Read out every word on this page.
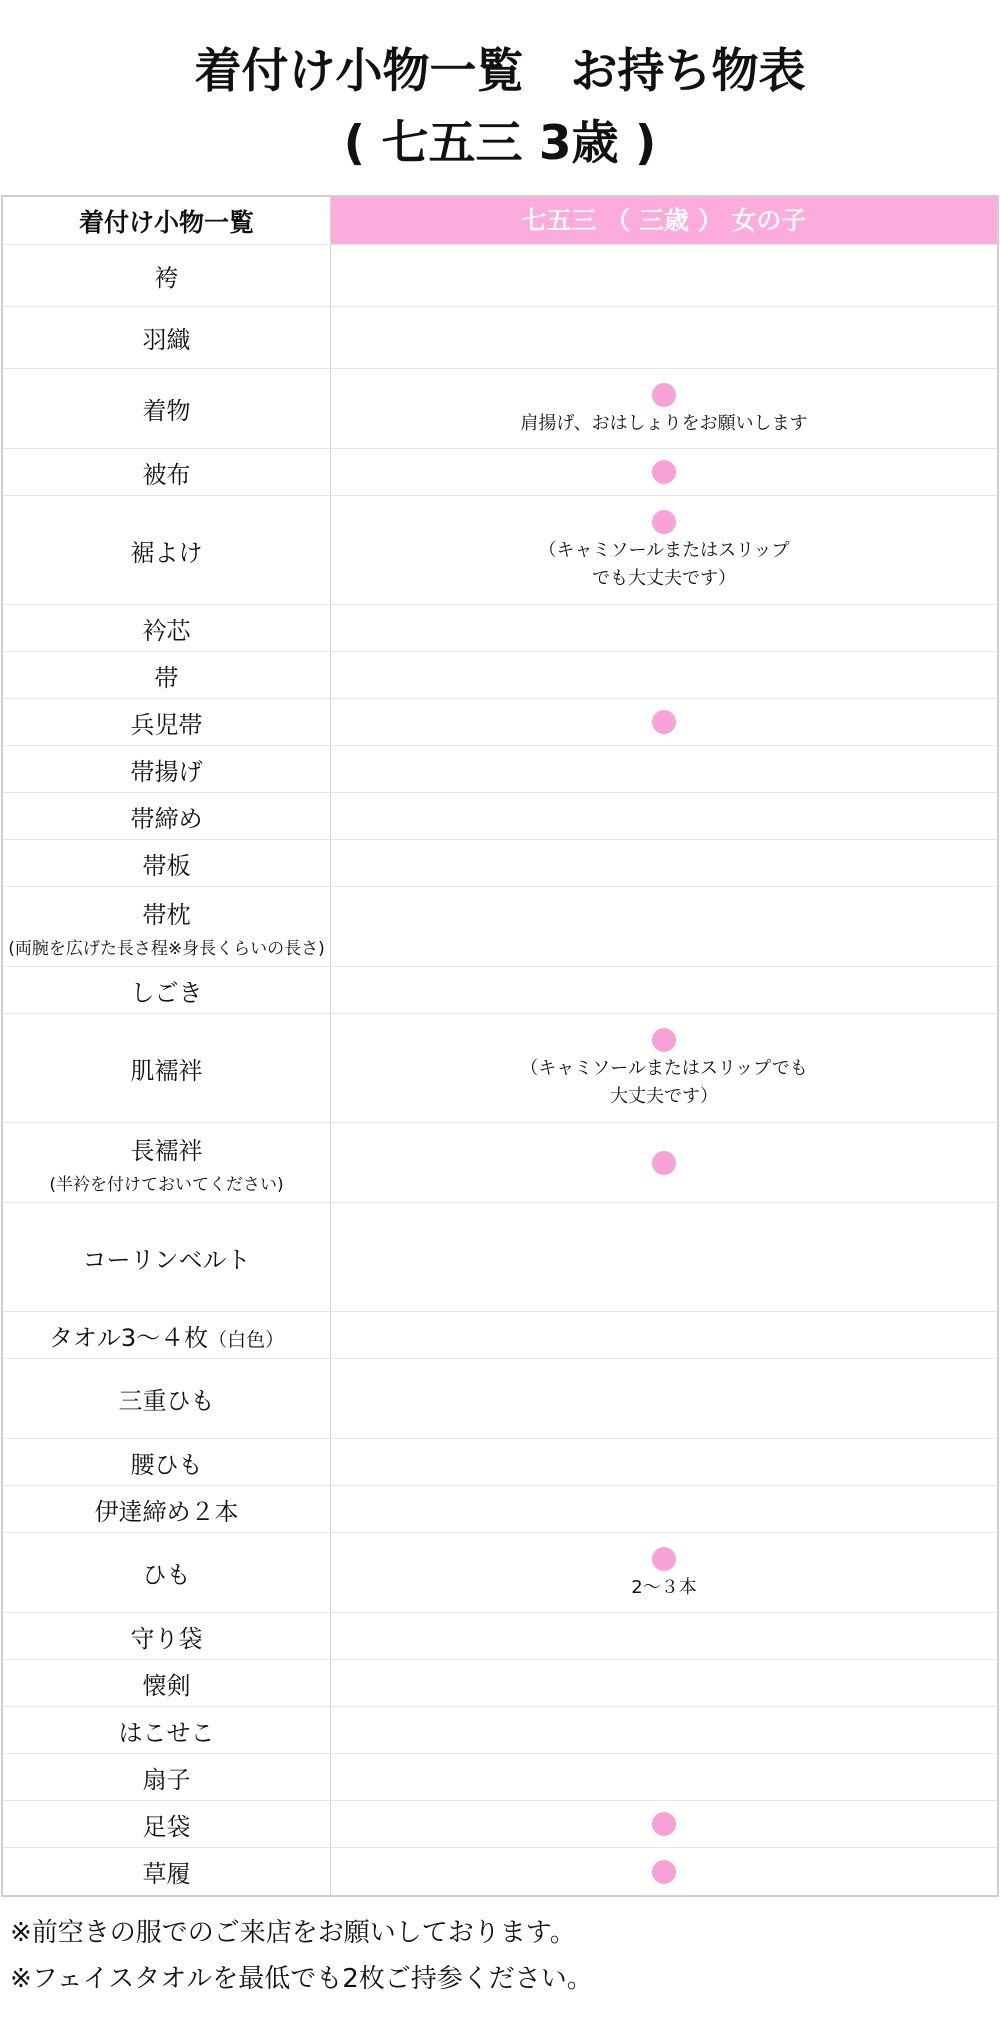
着付け小物一覧　お持ち物表
( 七五三 3歳 )
着付け小物一覧	七五三 （ 三歳 ） 女の子
袴
羽織
着物	肩揚げ、おはしょりをお願いします
被布
裾よけ	（キャミソールまたはスリップ
でも大丈夫です）
衿芯
帯
兵児帯
帯揚げ
帯締め
帯板
帯枕
(両腕を広げた長さ程※身長くらいの長さ)
しごき
肌襦袢	（キャミソールまたはスリップでも
大丈夫です）
長襦袢
(半衿を付けておいてください)
コーリンベルト
タオル3〜４枚（白色）
三重ひも
腰ひも
伊達締め２本
ひも	2〜３本
守り袋
懐剣
はこせこ
扇子
足袋
草履
※前空きの服でのご来店をお願いしております。
※フェイスタオルを最低でも2枚ご持参ください。
